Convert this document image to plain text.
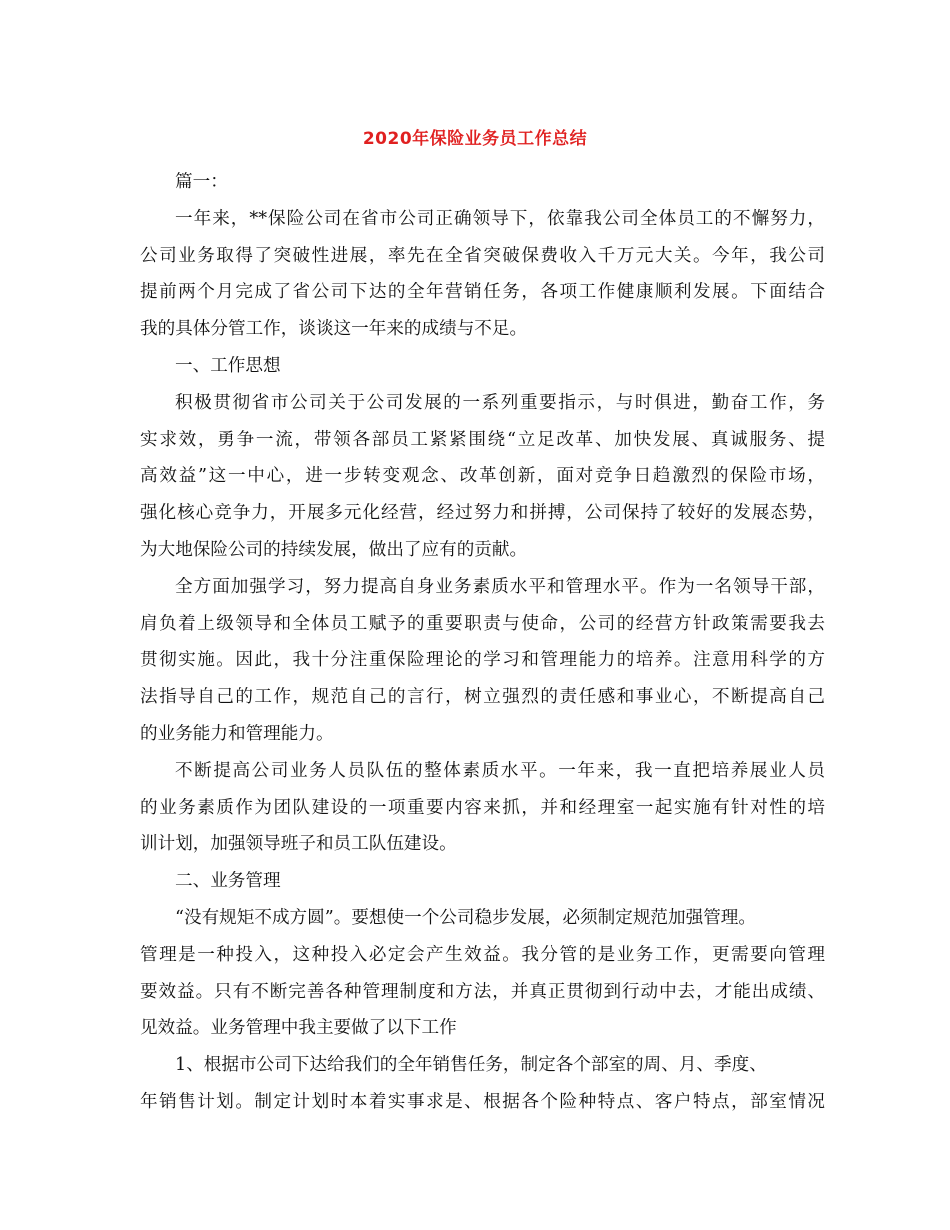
2020年保险业务员工作总结
篇一：
一年来，**保险公司在省市公司正确领导下，依靠我公司全体员工的不懈努力，
公司业务取得了突破性进展，率先在全省突破保费收入千万元大关。今年，我公司
提前两个月完成了省公司下达的全年营销任务，各项工作健康顺利发展。下面结合
我的具体分管工作，谈谈这一年来的成绩与不足。
一、工作思想
积极贯彻省市公司关于公司发展的一系列重要指示，与时俱进，勤奋工作，务
实求效，勇争一流，带领各部员工紧紧围绕“立足改革、加快发展、真诚服务、提
高效益”这一中心，进一步转变观念、改革创新，面对竞争日趋激烈的保险市场，
强化核心竞争力，开展多元化经营，经过努力和拼搏，公司保持了较好的发展态势，
为大地保险公司的持续发展，做出了应有的贡献。
全方面加强学习，努力提高自身业务素质水平和管理水平。作为一名领导干部，
肩负着上级领导和全体员工赋予的重要职责与使命，公司的经营方针政策需要我去
贯彻实施。因此，我十分注重保险理论的学习和管理能力的培养。注意用科学的方
法指导自己的工作，规范自己的言行，树立强烈的责任感和事业心，不断提高自己
的业务能力和管理能力。
不断提高公司业务人员队伍的整体素质水平。一年来，我一直把培养展业人员
的业务素质作为团队建设的一项重要内容来抓，并和经理室一起实施有针对性的培
训计划，加强领导班子和员工队伍建设。
二、业务管理
“没有规矩不成方圆”。要想使一个公司稳步发展，必须制定规范加强管理。
管理是一种投入，这种投入必定会产生效益。我分管的是业务工作，更需要向管理
要效益。只有不断完善各种管理制度和方法，并真正贯彻到行动中去，才能出成绩、
见效益。业务管理中我主要做了以下工作
1、根据市公司下达给我们的全年销售任务，制定各个部室的周、月、季度、
年销售计划。制定计划时本着实事求是、根据各个险种特点、客户特点，部室情况
